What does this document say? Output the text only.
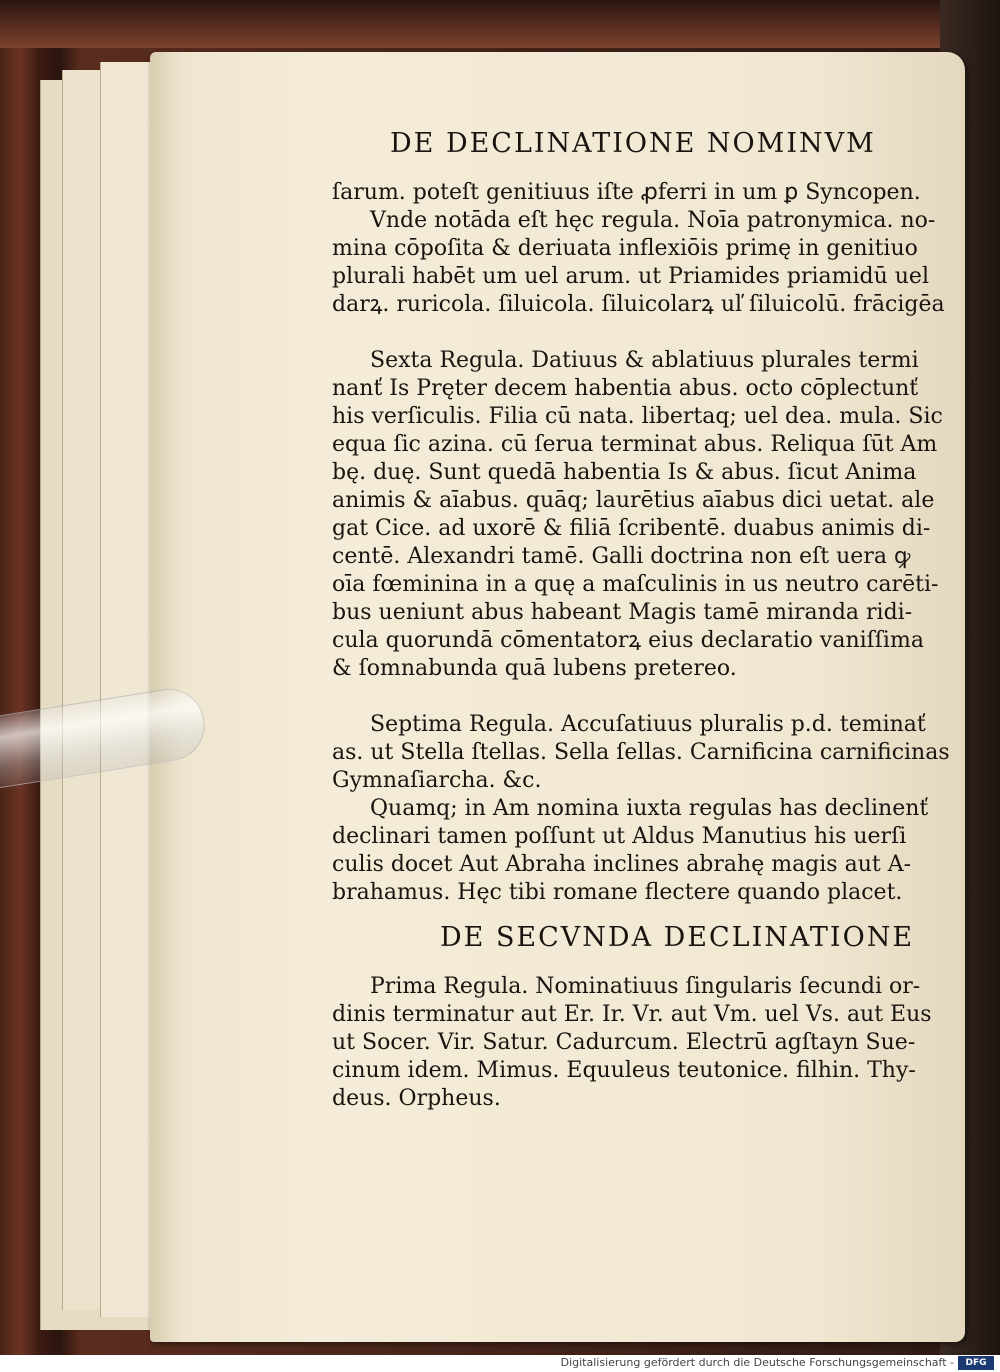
DE DECLINATIONE NOMINVM
ſarum. poteſt genitiuus iſte ꝓferri in um ꝑ Syncopen.
Vnde notāda eſt hęc regula. Noīa patronymica. no-
mina cōpoſita & deriuata inflexiōis primę in genitiuo
plurali habēt um uel arum. ut Priamides priamidū uel
darꝝ. ruricola. ſiluicola. ſiluicolarꝝ uľ ſiluicolū. frācigēa
Sexta Regula. Datiuus & ablatiuus plurales termi
nanť Is Pręter decem habentia abus. octo cōplectunť
his verſiculis. Filia cū nata. libertaq; uel dea. mula. Sic
equa ſic azina. cū ſerua terminat abus. Reliqua ſūt Am
bę. duę. Sunt quedā habentia Is & abus. ſicut Anima
animis & aīabus. quāq; laurētius aīabus dici uetat. ale
gat Cice. ad uxorē & filiā ſcribentē. duabus animis di-
centē. Alexandri tamē. Galli doctrina non eſt uera ꝙ
oīa fœminina in a quę a maſculinis in us neutro carēti-
bus ueniunt abus habeant Magis tamē miranda ridi-
cula quorundā cōmentatorꝝ eius declaratio vaniſſima
& ſomnabunda quā lubens pretereo.
Septima Regula. Accuſatiuus pluralis p.d. teminať
as. ut Stella ſtellas. Sella ſellas. Carnificina carnificinas
Gymnaſiarcha. &c.
Quamq; in Am nomina iuxta regulas has declinenť
declinari tamen poſſunt ut Aldus Manutius his uerſi
culis docet Aut Abraha inclines abrahę magis aut A-
brahamus. Hęc tibi romane flectere quando placet.
DE SECVNDA DECLINATIONE
Prima Regula. Nominatiuus ſingularis ſecundi or-
dinis terminatur aut Er. Ir. Vr. aut Vm. uel Vs. aut Eus
ut Socer. Vir. Satur. Cadurcum. Electrū agſtayn Sue-
cinum idem. Mimus. Equuleus teutonice. filhin. Thy-
deus. Orpheus.
Digitalisierung gefördert durch die Deutsche Forschungsgemeinschaft -	DFG
